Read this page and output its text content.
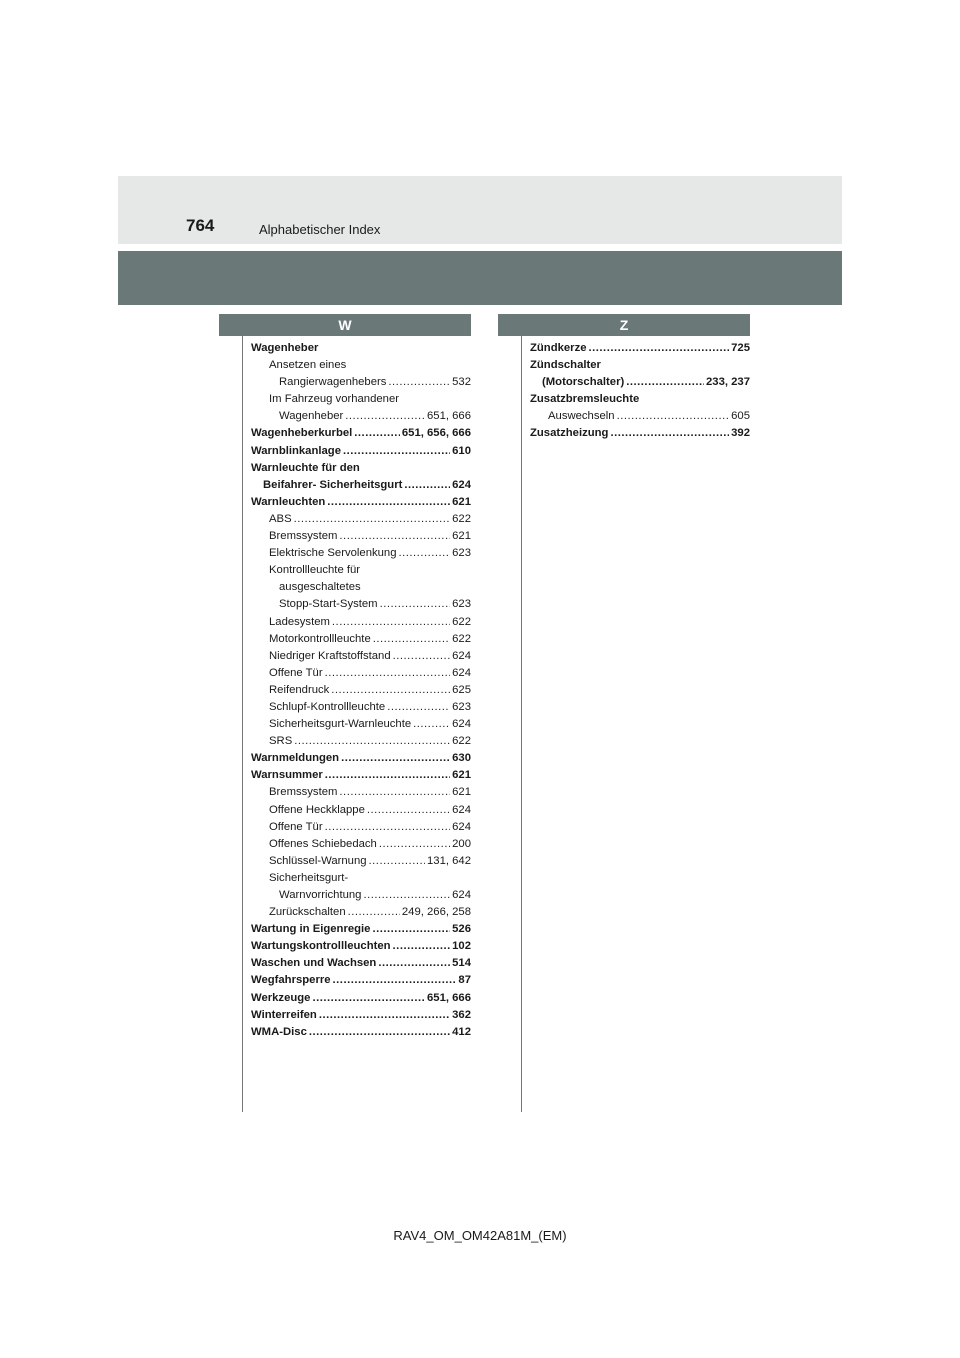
764	Alphabetischer Index
W	Z
Wagenheber
Ansetzen eines
Rangierwagenhebers .....	532
Im Fahrzeug vorhandener
Wagenheber .....	651, 666
Wagenheberkurbel .....	651, 656, 666
Warnblinkanlage .....	610
Warnleuchte für den
Beifahrer- Sicherheitsgurt .....	624
Warnleuchten .....	621
ABS .....	622
Bremssystem .....	621
Elektrische Servolenkung .....	623
Kontrollleuchte für
ausgeschaltetes
Stopp-Start-System .....	623
Ladesystem .....	622
Motorkontrollleuchte .....	622
Niedriger Kraftstoffstand .....	624
Offene Tür .....	624
Reifendruck .....	625
Schlupf-Kontrollleuchte .....	623
Sicherheitsgurt-Warnleuchte .....	624
SRS .....	622
Warnmeldungen .....	630
Warnsummer .....	621
Bremssystem .....	621
Offene Heckklappe .....	624
Offene Tür .....	624
Offenes Schiebedach .....	200
Schlüssel-Warnung .....	131, 642
Sicherheitsgurt-
Warnvorrichtung .....	624
Zurückschalten .....	249, 266, 258
Wartung in Eigenregie .....	526
Wartungskontrollleuchten .....	102
Waschen und Wachsen .....	514
Wegfahrsperre .....	87
Werkzeuge .....	651, 666
Winterreifen .....	362
WMA-Disc .....	412
Zündkerze .....	725
Zündschalter
(Motorschalter) .....	233, 237
Zusatzbremsleuchte
Auswechseln .....	605
Zusatzheizung .....	392
RAV4_OM_OM42A81M_(EM)
